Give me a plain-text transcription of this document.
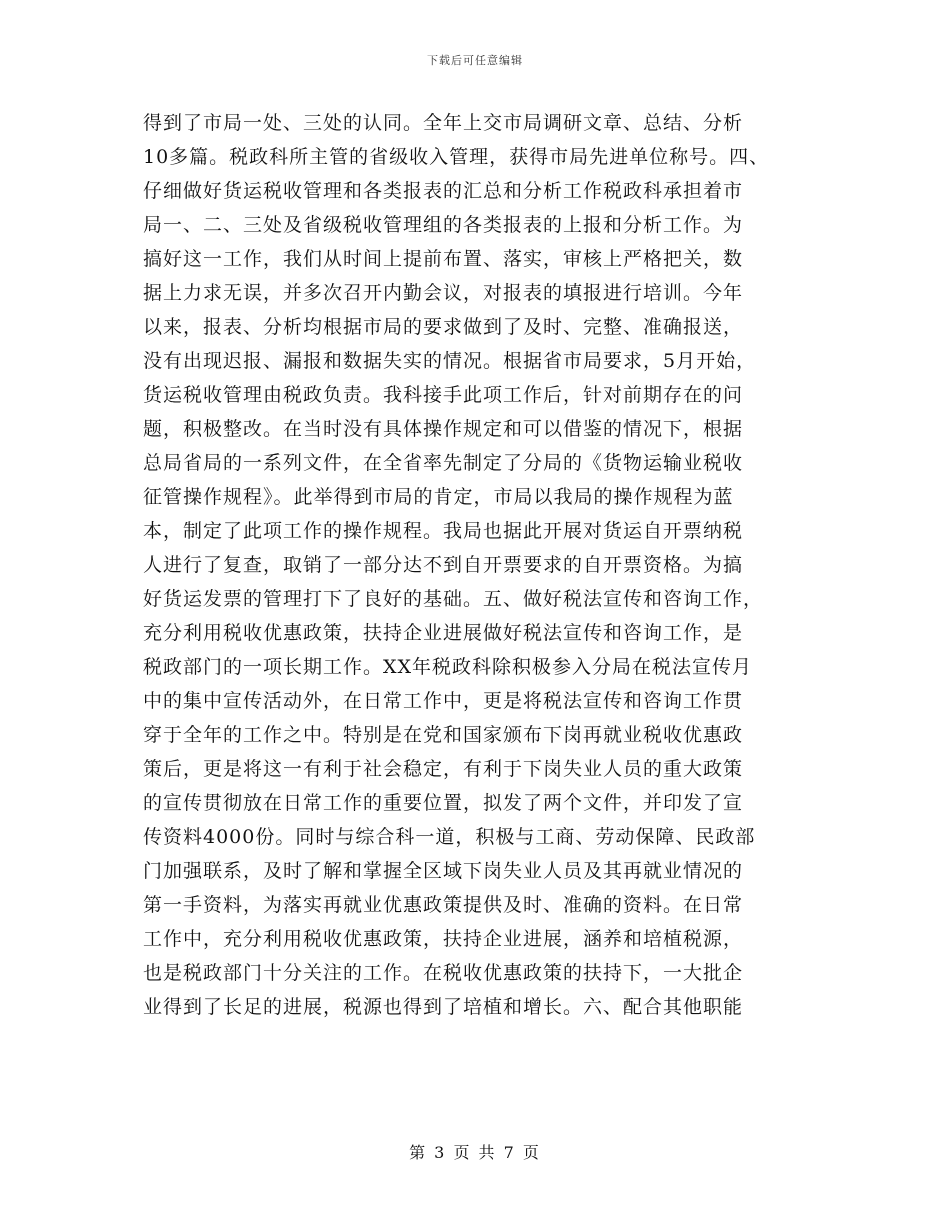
下载后可任意编辑
得到了市局一处、三处的认同。全年上交市局调研文章、总结、分析
10多篇。税政科所主管的省级收入管理，获得市局先进单位称号。四、
仔细做好货运税收管理和各类报表的汇总和分析工作税政科承担着市
局一、二、三处及省级税收管理组的各类报表的上报和分析工作。为
搞好这一工作，我们从时间上提前布置、落实，审核上严格把关，数
据上力求无误，并多次召开内勤会议，对报表的填报进行培训。今年
以来，报表、分析均根据市局的要求做到了及时、完整、准确报送，
没有出现迟报、漏报和数据失实的情况。根据省市局要求，5月开始，
货运税收管理由税政负责。我科接手此项工作后，针对前期存在的问
题，积极整改。在当时没有具体操作规定和可以借鉴的情况下，根据
总局省局的一系列文件，在全省率先制定了分局的《货物运输业税收
征管操作规程》。此举得到市局的肯定，市局以我局的操作规程为蓝
本，制定了此项工作的操作规程。我局也据此开展对货运自开票纳税
人进行了复查，取销了一部分达不到自开票要求的自开票资格。为搞
好货运发票的管理打下了良好的基础。五、做好税法宣传和咨询工作，
充分利用税收优惠政策，扶持企业进展做好税法宣传和咨询工作，是
税政部门的一项长期工作。XX年税政科除积极参入分局在税法宣传月
中的集中宣传活动外，在日常工作中，更是将税法宣传和咨询工作贯
穿于全年的工作之中。特别是在党和国家颁布下岗再就业税收优惠政
策后，更是将这一有利于社会稳定，有利于下岗失业人员的重大政策
的宣传贯彻放在日常工作的重要位置，拟发了两个文件，并印发了宣
传资料4000份。同时与综合科一道，积极与工商、劳动保障、民政部
门加强联系，及时了解和掌握全区域下岗失业人员及其再就业情况的
第一手资料，为落实再就业优惠政策提供及时、准确的资料。在日常
工作中，充分利用税收优惠政策，扶持企业进展，涵养和培植税源，
也是税政部门十分关注的工作。在税收优惠政策的扶持下，一大批企
业得到了长足的进展，税源也得到了培植和增长。六、配合其他职能
第 3 页 共 7 页
